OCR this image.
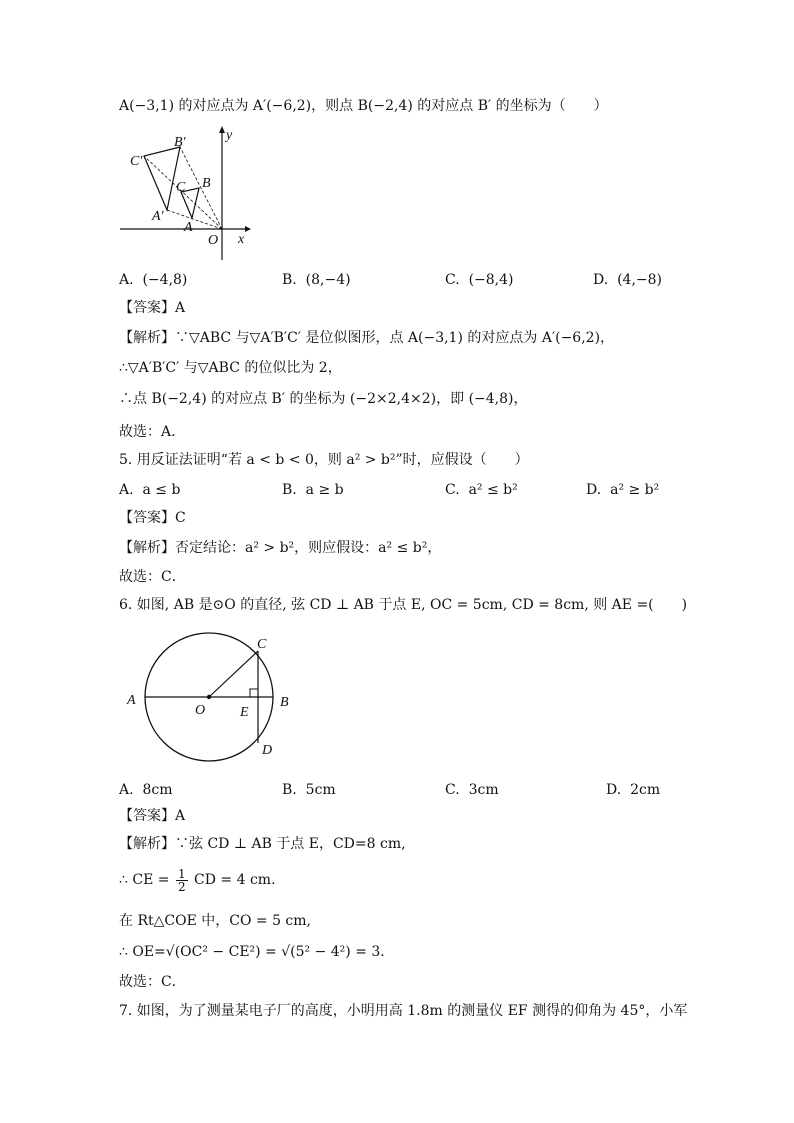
A(−3,1) 的对应点为 A′(−6,2)，则点 B(−2,4) 的对应点 B′ 的坐标为（　　）
B′
C′
A′
C B
A
O x
y
A. (−4,8)	B. (8,−4)	C. (−8,4)	D. (4,−8)
【答案】A
【解析】∵▽ABC 与▽A′B′C′ 是位似图形，点 A(−3,1) 的对应点为 A′(−6,2)，
∴▽A′B′C′ 与▽ABC 的位似比为 2，
∴点 B(−2,4) 的对应点 B′ 的坐标为 (−2×2,4×2)，即 (−4,8)，
故选：A．
5. 用反证法证明“若 a < b < 0，则 a² > b²”时，应假设（　　）
A. a ≤ b	B. a ≥ b	C. a² ≤ b²	D. a² ≥ b²
【答案】C
【解析】否定结论：a² > b²，则应假设：a² ≤ b²，
故选：C．
6. 如图, AB 是⊙O 的直径, 弦 CD ⊥ AB 于点 E, OC = 5cm, CD = 8cm, 则 AE =(　　)
A
O E
B
C
D
A. 8cm	B. 5cm	C. 3cm	D. 2cm
【答案】A
【解析】∵弦 CD ⊥ AB 于点 E，CD=8 cm,
∴ CE = $\frac{1}{2}$ CD = 4 cm.
在 Rt△COE 中，CO = 5 cm,
∴ OE=√(OC² − CE²) = √(5² − 4²) = 3．
故选：C．
7. 如图，为了测量某电子厂的高度，小明用高 1.8m 的测量仪 EF 测得的仰角为 45°，小军
